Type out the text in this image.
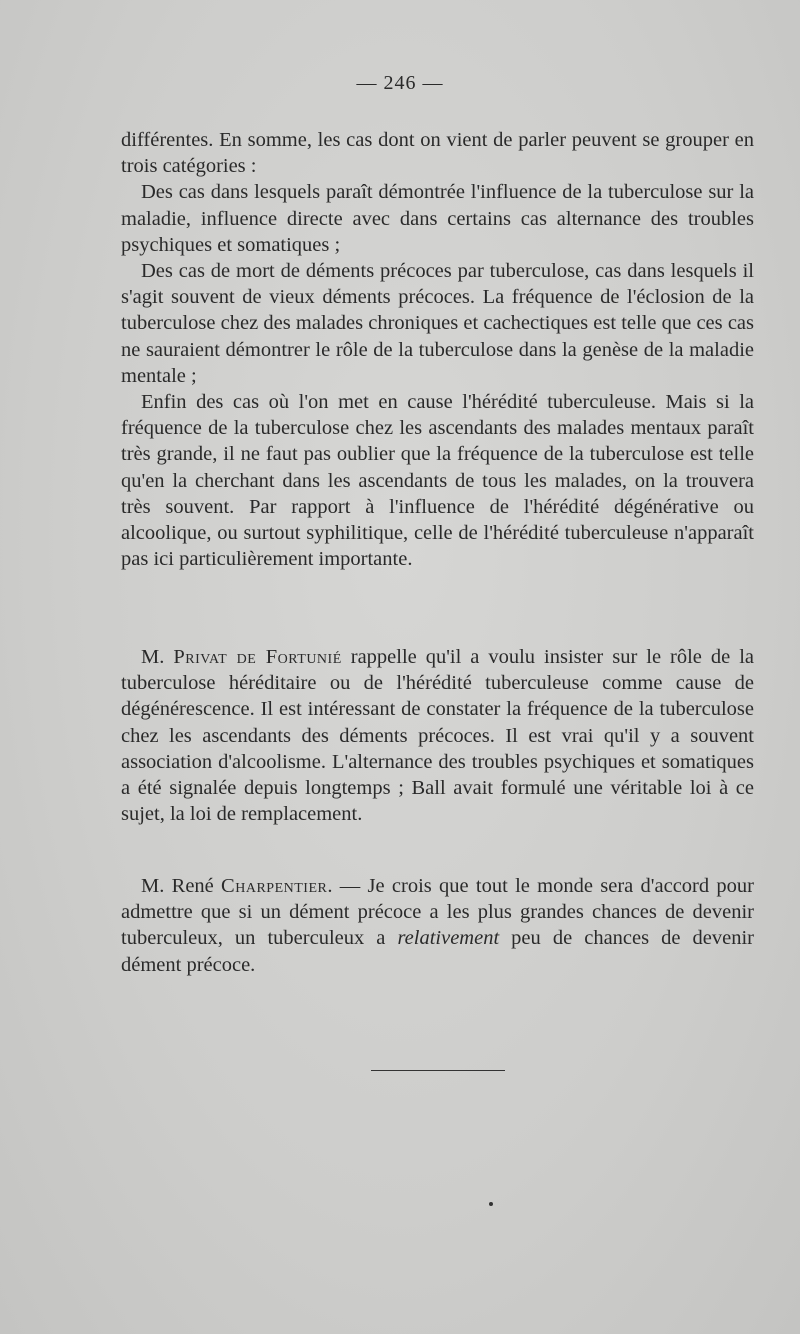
— 246 —

différentes. En somme, les cas dont on vient de parler peuvent se grouper en trois catégories :

Des cas dans lesquels paraît démontrée l'influence de la tuberculose sur la maladie, influence directe avec dans certains cas alternance des troubles psychiques et somatiques ;

Des cas de mort de déments précoces par tuberculose, cas dans lesquels il s'agit souvent de vieux déments précoces. La fréquence de l'éclosion de la tuberculose chez des malades chroniques et cachectiques est telle que ces cas ne sauraient démontrer le rôle de la tuberculose dans la genèse de la maladie mentale ;

Enfin des cas où l'on met en cause l'hérédité tuberculeuse. Mais si la fréquence de la tuberculose chez les ascendants des malades mentaux paraît très grande, il ne faut pas oublier que la fréquence de la tuberculose est telle qu'en la cherchant dans les ascendants de tous les malades, on la trouvera très souvent. Par rapport à l'influence de l'hérédité dégénérative ou alcoolique, ou surtout syphilitique, celle de l'hérédité tuberculeuse n'apparaît pas ici particulièrement importante.

M. Privat de Fortunié rappelle qu'il a voulu insister sur le rôle de la tuberculose héréditaire ou de l'hérédité tuberculeuse comme cause de dégénérescence. Il est intéressant de constater la fréquence de la tuberculose chez les ascendants des déments précoces. Il est vrai qu'il y a souvent association d'alcoolisme. L'alternance des troubles psychiques et somatiques a été signalée depuis longtemps ; Ball avait formulé une véritable loi à ce sujet, la loi de remplacement.

M. René Charpentier. — Je crois que tout le monde sera d'accord pour admettre que si un dément précoce a les plus grandes chances de devenir tuberculeux, un tuberculeux a relativement peu de chances de devenir dément précoce.
